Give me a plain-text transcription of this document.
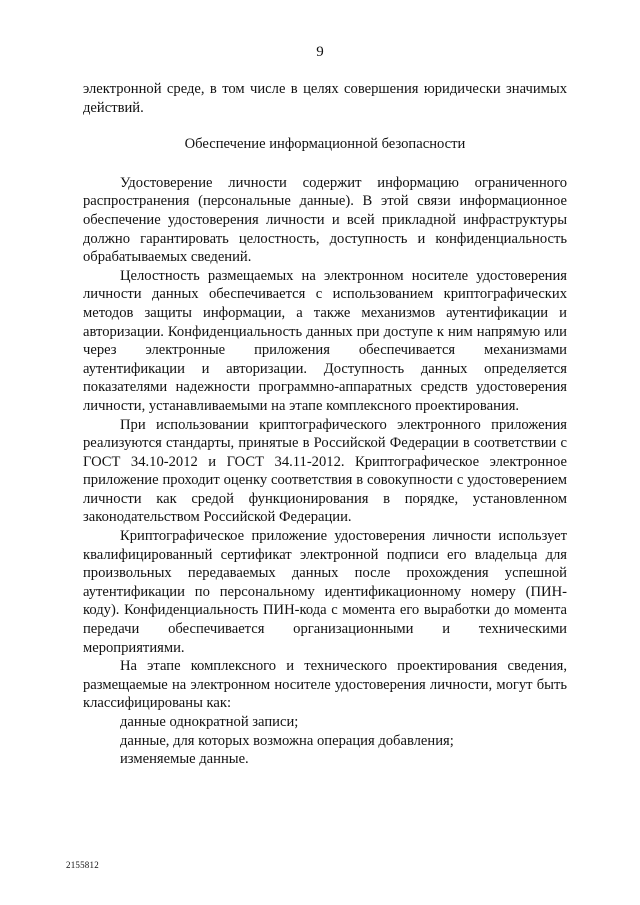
9

электронной среде, в том числе в целях совершения юридически значимых действий.

Обеспечение информационной безопасности

Удостоверение личности содержит информацию ограниченного распространения (персональные данные). В этой связи информационное обеспечение удостоверения личности и всей прикладной инфраструктуры должно гарантировать целостность, доступность и конфиденциальность обрабатываемых сведений.

Целостность размещаемых на электронном носителе удостоверения личности данных обеспечивается с использованием криптографических методов защиты информации, а также механизмов аутентификации и авторизации. Конфиденциальность данных при доступе к ним напрямую или через электронные приложения обеспечивается механизмами аутентификации и авторизации. Доступность данных определяется показателями надежности программно-аппаратных средств удостоверения личности, устанавливаемыми на этапе комплексного проектирования.

При использовании криптографического электронного приложения реализуются стандарты, принятые в Российской Федерации в соответствии с ГОСТ 34.10-2012 и ГОСТ 34.11-2012. Криптографическое электронное приложение проходит оценку соответствия в совокупности с удостоверением личности как средой функционирования в порядке, установленном законодательством Российской Федерации.

Криптографическое приложение удостоверения личности использует квалифицированный сертификат электронной подписи его владельца для произвольных передаваемых данных после прохождения успешной аутентификации по персональному идентификационному номеру (ПИН-коду). Конфиденциальность ПИН-кода с момента его выработки до момента передачи обеспечивается организационными и техническими мероприятиями.

На этапе комплексного и технического проектирования сведения, размещаемые на электронном носителе удостоверения личности, могут быть классифицированы как:

данные однократной записи;

данные, для которых возможна операция добавления;

изменяемые данные.

2155812
